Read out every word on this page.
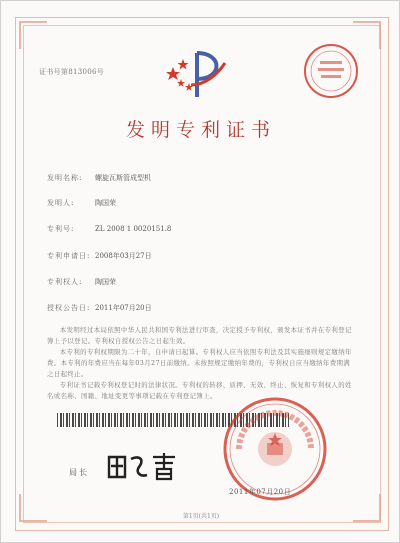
证书号第813006号
发明专利证书
发明名称: 螺旋瓦斯管成型机
发明人:	陶国荣
专利号:	ZL 2008 1 0020151.8
专利申请日: 2008年03月27日
专利权人: 陶国荣
授权公告日: 2011年07月20日

本发明经过本局依照中华人民共和国专利法进行审查，决定授予专利权，颁发本证书并在专利登记簿上予以登记。专利权自授权公告之日起生效。

本专利的专利权期限为二十年，自申请日起算。专利权人应当依照专利法及其实施细则规定缴纳年费。本专利的年费应当在每年03月27日前缴纳。未按照规定缴纳年费的，专利权自应当缴纳年费期满之日起终止。

专利证书记载专利权登记时的法律状况。专利权的转移、质押、无效、终止、恢复和专利权人的姓名或名称、国籍、地址变更等事项记载在专利登记簿上。

局长
2011年07月20日
第1页(共1页)
